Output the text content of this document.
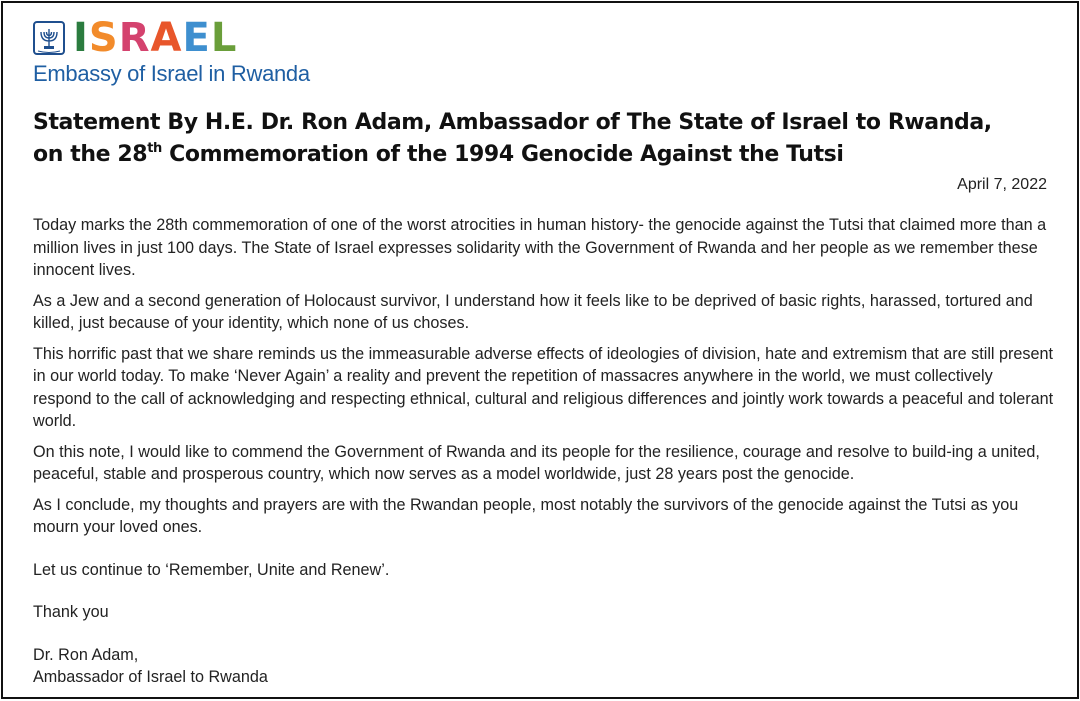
I S R A E L
Embassy of Israel in Rwanda
Statement By H.E. Dr. Ron Adam, Ambassador of The State of Israel to Rwanda,
on the 28th Commemoration of the 1994 Genocide Against the Tutsi
April 7, 2022

Today marks the 28th commemoration of one of the worst atrocities in human history- the genocide against the Tutsi that claimed more than a million lives in just 100 days. The State of Israel expresses solidarity with the Government of Rwanda and her people as we remember these innocent lives.

As a Jew and a second generation of Holocaust survivor, I understand how it feels like to be deprived of basic rights, harassed, tortured and killed, just because of your identity, which none of us choses.

This horrific past that we share reminds us the immeasurable adverse effects of ideologies of division, hate and extremism that are still present in our world today. To make ‘Never Again’ a reality and prevent the repetition of massacres anywhere in the world, we must collectively respond to the call of acknowledging and respecting ethnical, cultural and religious differences and jointly work towards a peaceful and tolerant world.

On this note, I would like to commend the Government of Rwanda and its people for the resilience, courage and resolve to build-ing a united, peaceful, stable and prosperous country, which now serves as a model worldwide, just 28 years post the genocide.

As I conclude, my thoughts and prayers are with the Rwandan people, most notably the survivors of the genocide against the Tutsi as you mourn your loved ones.

Let us continue to ‘Remember, Unite and Renew’.

Thank you

Dr. Ron Adam,

Ambassador of Israel to Rwanda
